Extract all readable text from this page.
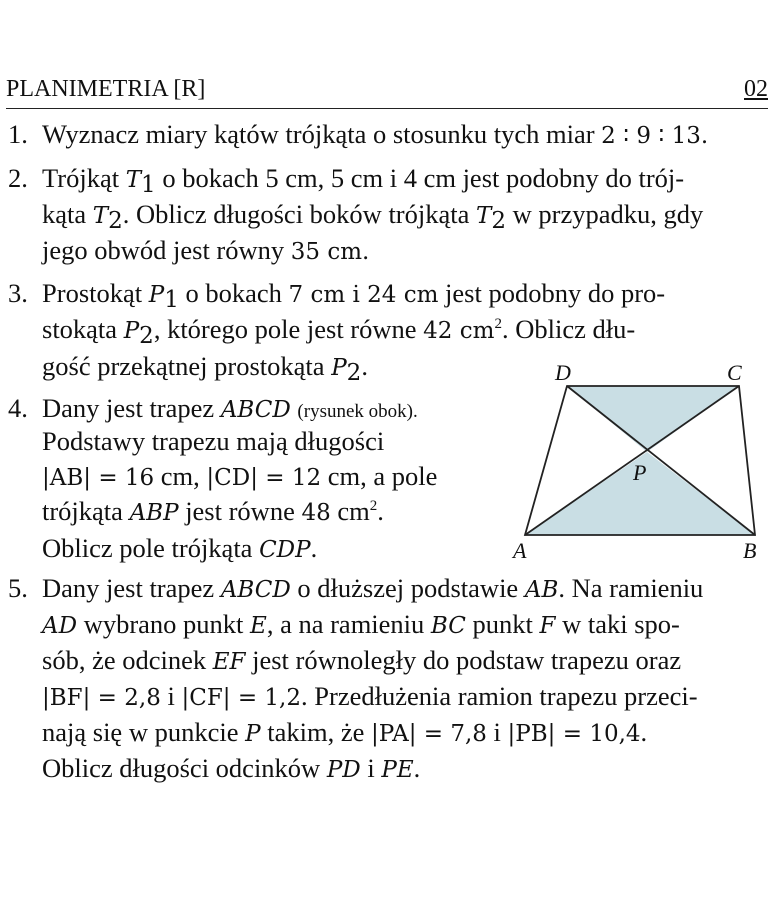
PLANIMETRIA [R]	02
1. Wyznacz miary kątów trójkąta o stosunku tych miar 2 ∶ 9 ∶ 13.
2. Trójkąt $T_1$ o bokach 5 cm, 5 cm i 4 cm jest podobny do trój-
kąta $T_2$. Oblicz długości boków trójkąta $T_2$ w przypadku, gdy
jego obwód jest równy 35 cm.
3. Prostokąt $P_1$ o bokach 7 cm i 24 cm jest podobny do pro-
stokąta $P_2$, którego pole jest równe 42 $cm^2$. Oblicz dłu-
gość przekątnej prostokąta $P_2$.
4. Dany jest trapez ABCD (rysunek obok).
Podstawy trapezu mają długości
|AB| = 16 cm, |CD| = 12 cm, a pole
trójkąta ABP jest równe 48 $cm^2$.
Oblicz pole trójkąta CDP.
D	C
P
A	B
5. Dany jest trapez ABCD o dłuższej podstawie AB. Na ramieniu
AD wybrano punkt E, a na ramieniu BC punkt F w taki spo-
sób, że odcinek EF jest równoległy do podstaw trapezu oraz
|BF| = 2,8 i |CF| = 1,2. Przedłużenia ramion trapezu przeci-
nają się w punkcie P takim, że |PA| = 7,8 i |PB| = 10,4.
Oblicz długości odcinków PD i PE.
